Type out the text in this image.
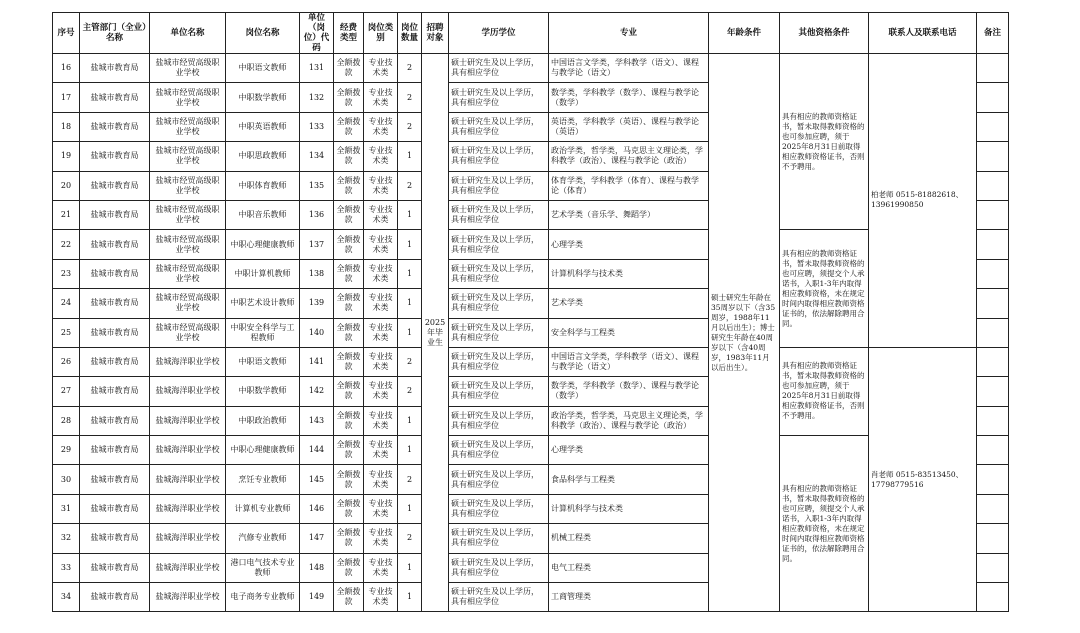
序号	主管部门（全业）名称	单位名称	岗位名称	单位（岗位）代码	经费类型	岗位类别	岗位数量	招聘对象	学历学位	专业	年龄条件	其他资格条件	联系人及联系电话	备注
16	盐城市教育局	盐城市经贸高级职业学校	中职语文教师	131	全额拨款	专业技术类	2	2025年毕业生	硕士研究生及以上学历，具有相应学位	中国语言文学类，学科教学（语文）、课程与教学论（语文）	硕士研究生年龄在35周岁以下（含35周岁，1988年11月以后出生）；博士研究生年龄在40周岁以下（含40周岁，1983年11月以后出生）。	具有相应的教师资格证书，暂未取得教师资格的也可参加应聘，须于2025年8月31日前取得相应教师资格证书，否则不予聘用。	柏老师 0515-81882618、13961990850	
17	盐城市教育局	盐城市经贸高级职业学校	中职数学教师	132	全额拨款	专业技术类	2		硕士研究生及以上学历，具有相应学位	数学类，学科教学（数学）、课程与教学论（数学）				
18	盐城市教育局	盐城市经贸高级职业学校	中职英语教师	133	全额拨款	专业技术类	2		硕士研究生及以上学历，具有相应学位	英语类，学科教学（英语）、课程与教学论（英语）				
19	盐城市教育局	盐城市经贸高级职业学校	中职思政教师	134	全额拨款	专业技术类	1		硕士研究生及以上学历，具有相应学位	政治学类，哲学类，马克思主义理论类，学科教学（政治）、课程与教学论（政治）				
20	盐城市教育局	盐城市经贸高级职业学校	中职体育教师	135	全额拨款	专业技术类	2		硕士研究生及以上学历，具有相应学位	体育学类，学科教学（体育）、课程与教学论（体育）				
21	盐城市教育局	盐城市经贸高级职业学校	中职音乐教师	136	全额拨款	专业技术类	1		硕士研究生及以上学历，具有相应学位	艺术学类（音乐学、舞蹈学）				
22	盐城市教育局	盐城市经贸高级职业学校	中职心理健康教师	137	全额拨款	专业技术类	1		硕士研究生及以上学历，具有相应学位	心理学类		具有相应的教师资格证书，暂未取得教师资格的也可应聘，须提交个人承诺书，入职1-3年内取得相应教师资格，未在规定时间内取得相应教师资格证书的，依法解除聘用合同。		
23	盐城市教育局	盐城市经贸高级职业学校	中职计算机教师	138	全额拨款	专业技术类	1		硕士研究生及以上学历，具有相应学位	计算机科学与技术类				
24	盐城市教育局	盐城市经贸高级职业学校	中职艺术设计教师	139	全额拨款	专业技术类	1		硕士研究生及以上学历，具有相应学位	艺术学类				
25	盐城市教育局	盐城市经贸高级职业学校	中职安全科学与工程教师	140	全额拨款	专业技术类	1		硕士研究生及以上学历，具有相应学位	安全科学与工程类				
26	盐城市教育局	盐城海洋职业学校	中职语文教师	141	全额拨款	专业技术类	2		硕士研究生及以上学历，具有相应学位	中国语言文学类，学科教学（语文）、课程与教学论（语文）		具有相应的教师资格证书，暂未取得教师资格的也可参加应聘，须于2025年8月31日前取得相应教师资格证书，否则不予聘用。	肖老师 0515-83513450、17798779516	
27	盐城市教育局	盐城海洋职业学校	中职数学教师	142	全额拨款	专业技术类	2		硕士研究生及以上学历，具有相应学位	数学类，学科教学（数学）、课程与教学论（数学）				
28	盐城市教育局	盐城海洋职业学校	中职政治教师	143	全额拨款	专业技术类	1		硕士研究生及以上学历，具有相应学位	政治学类，哲学类，马克思主义理论类，学科教学（政治）、课程与教学论（政治）				
29	盐城市教育局	盐城海洋职业学校	中职心理健康教师	144	全额拨款	专业技术类	1		硕士研究生及以上学历，具有相应学位	心理学类		具有相应的教师资格证书，暂未取得教师资格的也可应聘，须提交个人承诺书，入职1-3年内取得相应教师资格，未在规定时间内取得相应教师资格证书的，依法解除聘用合同。		
30	盐城市教育局	盐城海洋职业学校	烹饪专业教师	145	全额拨款	专业技术类	2		硕士研究生及以上学历，具有相应学位	食品科学与工程类				
31	盐城市教育局	盐城海洋职业学校	计算机专业教师	146	全额拨款	专业技术类	1		硕士研究生及以上学历，具有相应学位	计算机科学与技术类				
32	盐城市教育局	盐城海洋职业学校	汽修专业教师	147	全额拨款	专业技术类	2		硕士研究生及以上学历，具有相应学位	机械工程类				
33	盐城市教育局	盐城海洋职业学校	港口电气技术专业教师	148	全额拨款	专业技术类	1		硕士研究生及以上学历，具有相应学位	电气工程类				
34	盐城市教育局	盐城海洋职业学校	电子商务专业教师	149	全额拨款	专业技术类	1		硕士研究生及以上学历，具有相应学位	工商管理类				
